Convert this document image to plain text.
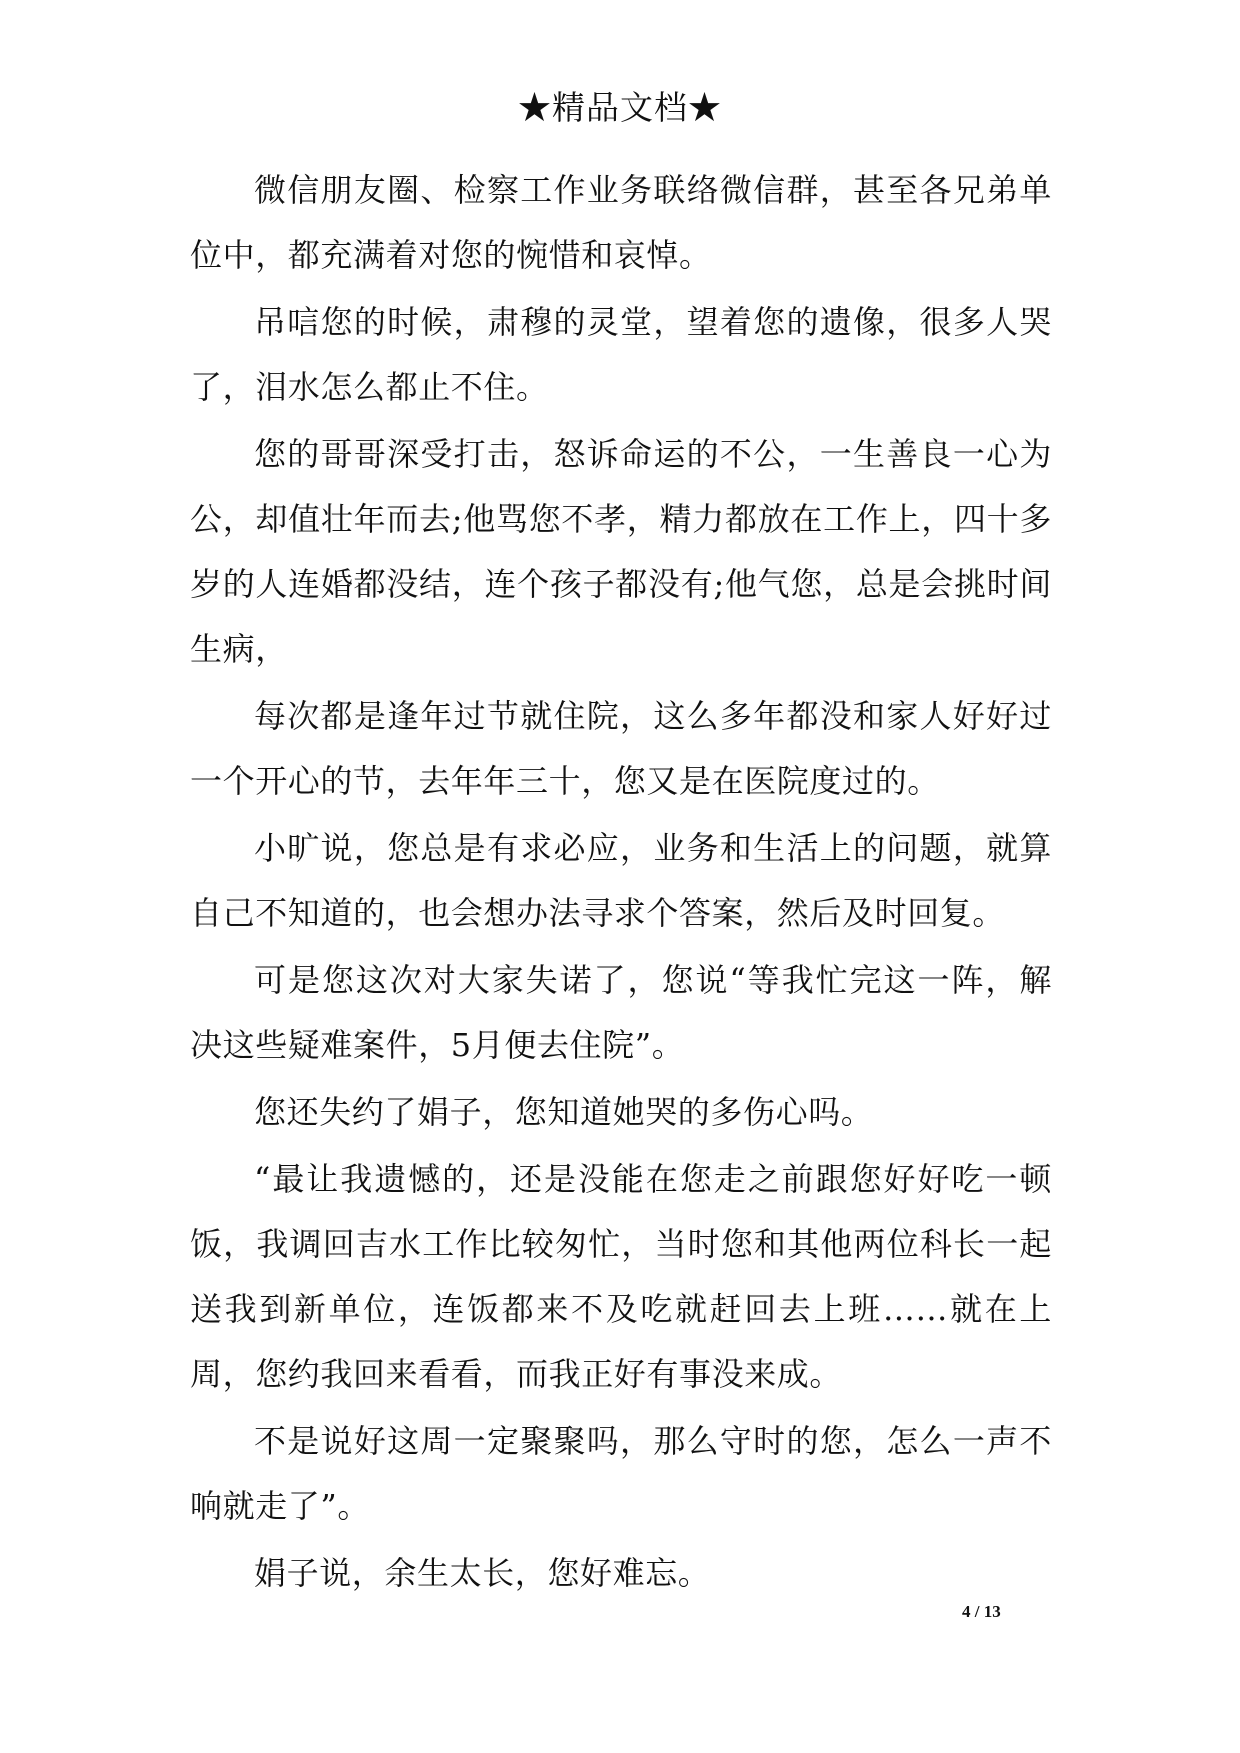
★精品文档★

微信朋友圈、检察工作业务联络微信群，甚至各兄弟单位中，都充满着对您的惋惜和哀悼。

吊唁您的时候，肃穆的灵堂，望着您的遗像，很多人哭了，泪水怎么都止不住。

您的哥哥深受打击，怒诉命运的不公，一生善良一心为公，却值壮年而去;他骂您不孝，精力都放在工作上，四十多岁的人连婚都没结，连个孩子都没有;他气您，总是会挑时间生病，

每次都是逢年过节就住院，这么多年都没和家人好好过一个开心的节，去年年三十，您又是在医院度过的。

小旷说，您总是有求必应，业务和生活上的问题，就算自己不知道的，也会想办法寻求个答案，然后及时回复。

可是您这次对大家失诺了，您说“等我忙完这一阵，解决这些疑难案件，5月便去住院”。

您还失约了娟子，您知道她哭的多伤心吗。

“最让我遗憾的，还是没能在您走之前跟您好好吃一顿饭，我调回吉水工作比较匆忙，当时您和其他两位科长一起送我到新单位，连饭都来不及吃就赶回去上班……就在上周，您约我回来看看，而我正好有事没来成。

不是说好这周一定聚聚吗，那么守时的您，怎么一声不响就走了”。

娟子说，余生太长，您好难忘。

4 / 13
